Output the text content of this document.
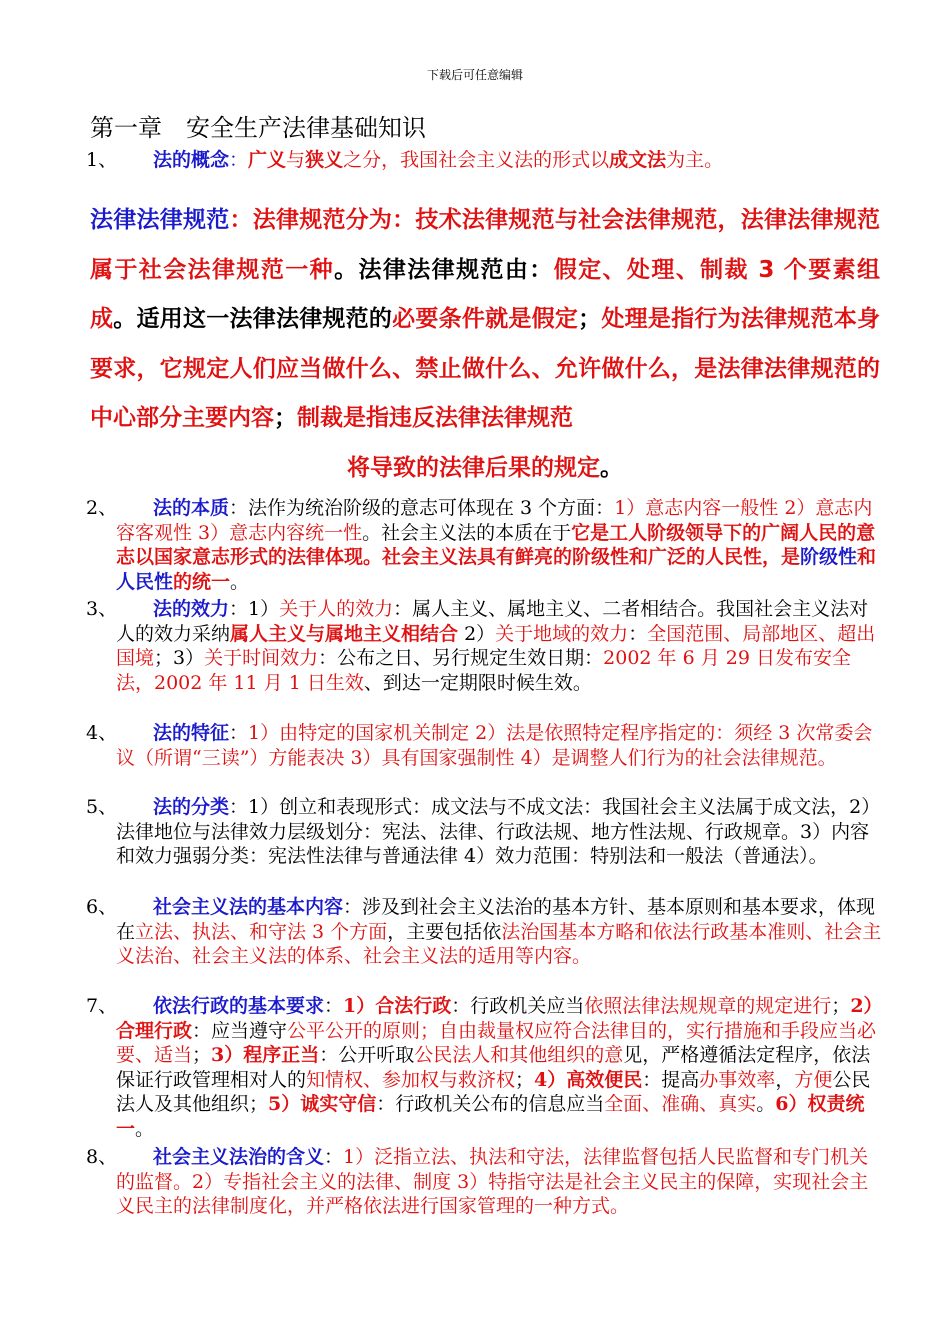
下载后可任意编辑
第一章　安全生产法律基础知识
1、	法的概念：广义与狭义之分，我国社会主义法的形式以成文法为主。
法律法律规范：法律规范分为：技术法律规范与社会法律规范，法律法律规范属于社会法律规范一种。法律法律规范由：假定、处理、制裁 3 个要素组成。适用这一法律法律规范的必要条件就是假定；处理是指行为法律规范本身要求，它规定人们应当做什么、禁止做什么、允许做什么，是法律法律规范的中心部分主要内容；制裁是指违反法律法律规范
将导致的法律后果的规定。
2、	法的本质：法作为统治阶级的意志可体现在 3 个方面：1）意志内容一般性 2）意志内容客观性 3）意志内容统一性。社会主义法的本质在于它是工人阶级领导下的广阔人民的意志以国家意志形式的法律体现。社会主义法具有鲜亮的阶级性和广泛的人民性，是阶级性和人民性的统一。
3、	法的效力：1）关于人的效力：属人主义、属地主义、二者相结合。我国社会主义法对人的效力采纳属人主义与属地主义相结合 2）关于地域的效力：全国范围、局部地区、超出国境；3）关于时间效力：公布之日、另行规定生效日期：2002 年 6 月 29 日发布安全法，2002 年 11 月 1 日生效、到达一定期限时候生效。
4、	法的特征：1）由特定的国家机关制定 2）法是依照特定程序指定的：须经 3 次常委会议（所谓“三读”）方能表决 3）具有国家强制性 4）是调整人们行为的社会法律规范。
5、	法的分类：1）创立和表现形式：成文法与不成文法：我国社会主义法属于成文法，2）法律地位与法律效力层级划分：宪法、法律、行政法规、地方性法规、行政规章。3）内容和效力强弱分类：宪法性法律与普通法律 4）效力范围：特别法和一般法（普通法）。
6、	社会主义法的基本内容：涉及到社会主义法治的基本方针、基本原则和基本要求，体现在立法、执法、和守法 3 个方面，主要包括依法治国基本方略和依法行政基本准则、社会主义法治、社会主义法的体系、社会主义法的适用等内容。
7、	依法行政的基本要求：1）合法行政：行政机关应当依照法律法规规章的规定进行；2）合理行政：应当遵守公平公开的原则；自由裁量权应符合法律目的，实行措施和手段应当必要、适当；3）程序正当：公开听取公民法人和其他组织的意见，严格遵循法定程序，依法保证行政管理相对人的知情权、参加权与救济权；4）高效便民：提高办事效率，方便公民法人及其他组织；5）诚实守信：行政机关公布的信息应当全面、准确、真实。6）权责统一。
8、	社会主义法治的含义：1）泛指立法、执法和守法，法律监督包括人民监督和专门机关的监督。2）专指社会主义的法律、制度 3）特指守法是社会主义民主的保障，实现社会主义民主的法律制度化，并严格依法进行国家管理的一种方式。
